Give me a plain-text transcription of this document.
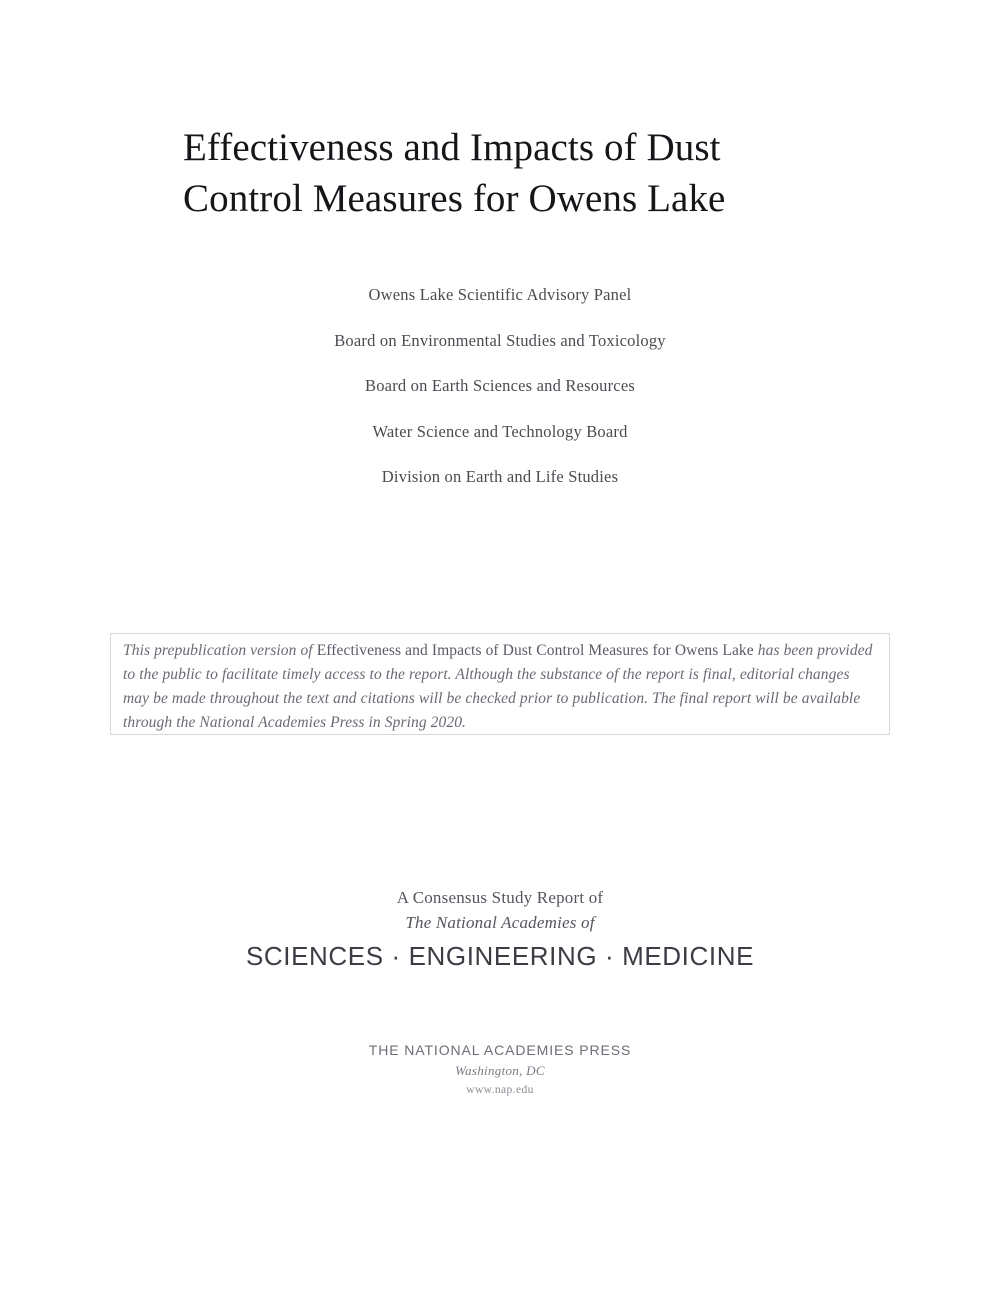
Effectiveness and Impacts of Dust
Control Measures for Owens Lake
Owens Lake Scientific Advisory Panel
Board on Environmental Studies and Toxicology
Board on Earth Sciences and Resources
Water Science and Technology Board
Division on Earth and Life Studies
This prepublication version of Effectiveness and Impacts of Dust Control Measures for Owens Lake has been provided to the public to facilitate timely access to the report. Although the substance of the report is final, editorial changes may be made throughout the text and citations will be checked prior to publication. The final report will be available through the National Academies Press in Spring 2020.
A Consensus Study Report of
The National Academies of
SCIENCES · ENGINEERING · MEDICINE
THE NATIONAL ACADEMIES PRESS
Washington, DC
www.nap.edu
